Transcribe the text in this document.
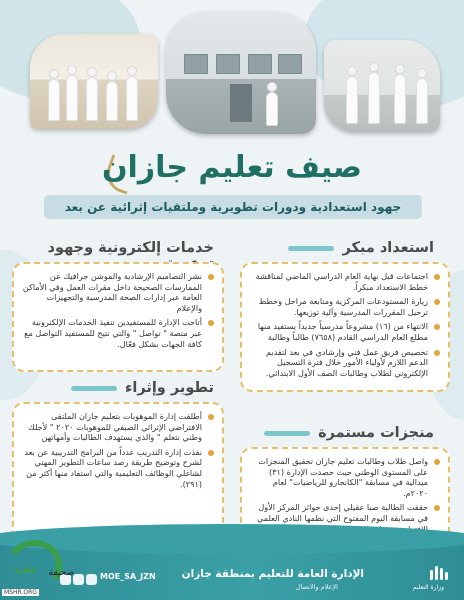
صيف تعليم جازان
جهود استعدادية ودورات تطويرية وملتقيات إثرائية عن بعد
استعداد مبكر
اجتماعات قبل نهاية العام الدراسي الماضي لمناقشة خطط الاستعداد مبكراً.
زيارة المستودعات المركزية ومتابعة مراحل وخطط ترحيل المقررات المدرسية وآلية توزيعها.
الانتهاء من (١٦) مشروعاً مدرسياً جديداً يستفيد منها مطلع العام الدراسي القادم (٧٦٥٨) طالباً وطالبة
تخصيص فريق عمل فني وإرشادي في بعد لتقديم الدعم اللازم لأولياء الأمور خلال فترة التسجيل الإلكتروني لطلاب وطالبات الصف الأول الابتدائي.
خدمات إلكترونية وجهود
نشر التصاميم الإرشادية والموشن جرافيك عن الممارسات الصحيحة داخل مقرات العمل وفي الأماكن العامة عبر إدارات الصحة المدرسية والتجهيزات والإعلام
أتاحت الإدارة للمستفيدين تنفيذ الخدمات الإلكترونية عبر منصة " تواصل " والتي تتيح للمستفيد التواصل مع كافة الجهات بشكل فعّال.
منجزات مستمرة
واصل طلاب وطالبات تعليم جازان تحقيق المنجزات على المستوى الوطني حيث حصدت الإدارة (٣١) ميدالية في مسابقة "الكانجارو للرياضيات" لعام ٢٠٢٠م.
حققت الطالبة صبا عقيلي إحدى جوائز المركز الأول في مسابقة اليوم المفتوح التي نظمها النادي العلمي
تطوير وإثراء
أطلقت إدارة الموهوبات بتعليم جازان الملتقى الافتراضي الإثرائي الصيفي للموهوبات ٢٠٢٠ " لأجلك وطني نتعلم " والذي يستهدف الطالبات وأمهاتهن
نفذت إدارة التدريب عدداً من البرامج التدريبية عن بعد لشرح وتوضيح طريقة رصد ساعات التطوير المهني لشاغلي الوظائف التعليمية والتي استفاد منها أكثر من (٢٩١).
وزارة التعليم

الإدارة العامة للتعليم بمنطقة جازان

الإعلام والاتصال

MOE_SA_JZN
ٮٮ صحيفة
MSHR.ORG
